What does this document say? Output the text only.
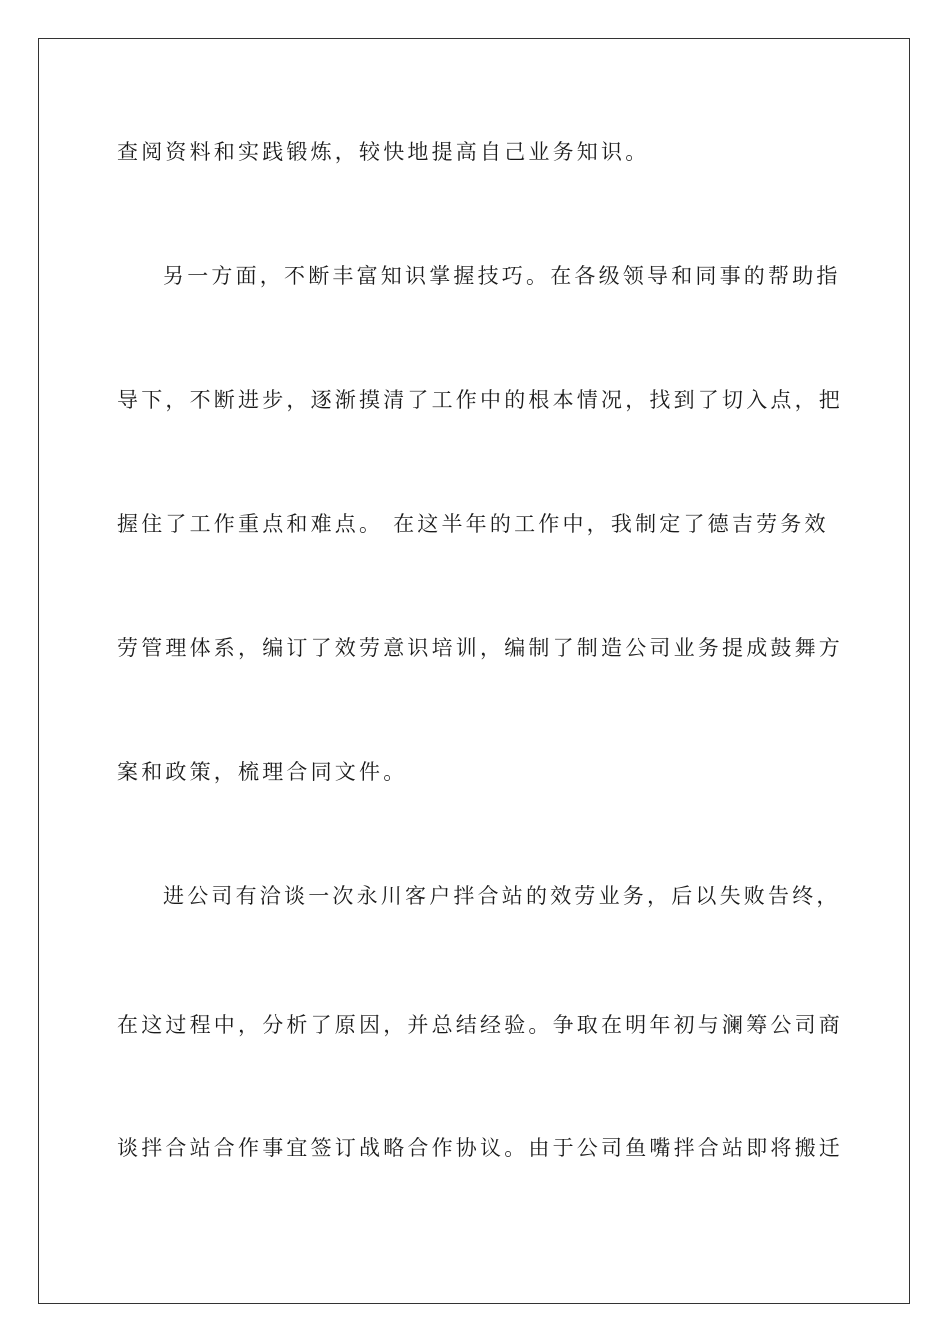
查阅资料和实践锻炼，较快地提高自己业务知识。
另一方面，不断丰富知识掌握技巧。在各级领导和同事的帮助指
导下，不断进步，逐渐摸清了工作中的根本情况，找到了切入点，把
握住了工作重点和难点。 在这半年的工作中，我制定了德吉劳务效
劳管理体系，编订了效劳意识培训，编制了制造公司业务提成鼓舞方
案和政策，梳理合同文件。
进公司有洽谈一次永川客户拌合站的效劳业务，后以失败告终，
在这过程中，分析了原因，并总结经验。争取在明年初与澜筹公司商
谈拌合站合作事宜签订战略合作协议。由于公司鱼嘴拌合站即将搬迁
